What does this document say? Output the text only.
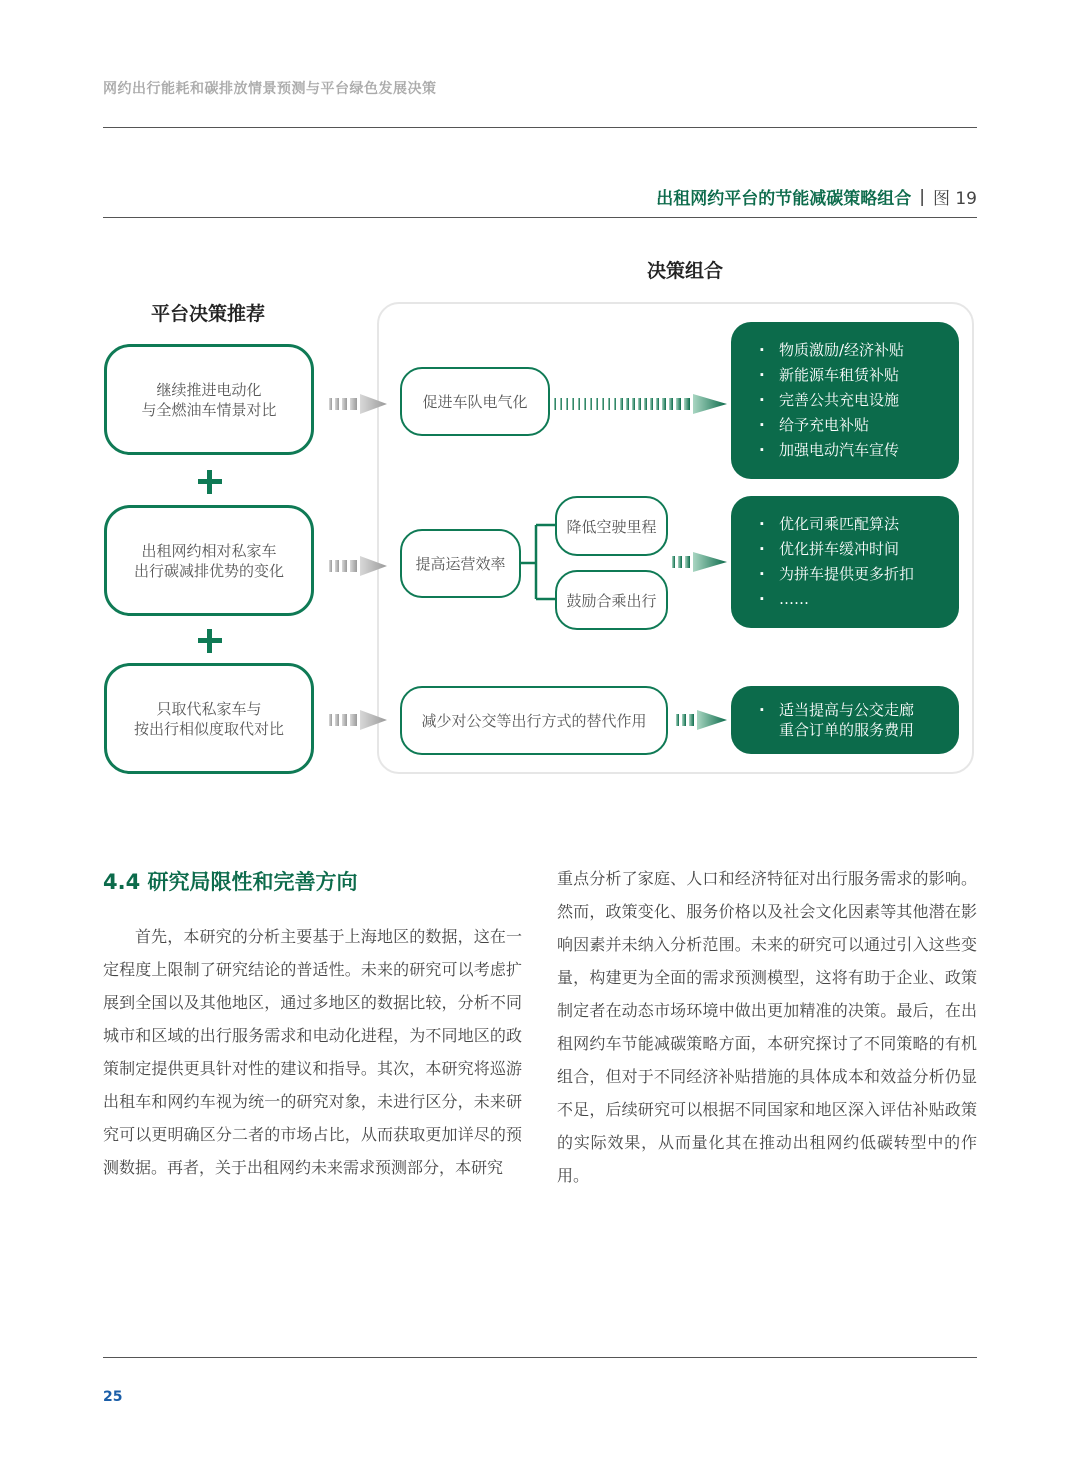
网约出行能耗和碳排放情景预测与平台绿色发展决策
出租网约平台的节能减碳策略组合 | 图 19
平台决策推荐
决策组合
继续推进电动化
与全燃油车情景对比
出租网约相对私家车
出行碳减排优势的变化
只取代私家车与
按出行相似度取代对比
促进车队电气化
提高运营效率
降低空驶里程
鼓励合乘出行
减少对公交等出行方式的替代作用
· 物质激励/经济补贴
· 新能源车租赁补贴
· 完善公共充电设施
· 给予充电补贴
· 加强电动汽车宣传
· 优化司乘匹配算法
· 优化拼车缓冲时间
· 为拼车提供更多折扣
· ……
· 适当提高与公交走廊
重合订单的服务费用
4.4 研究局限性和完善方向
首先，本研究的分析主要基于上海地区的数据，这在一定程度上限制了研究结论的普适性。未来的研究可以考虑扩展到全国以及其他地区，通过多地区的数据比较，分析不同城市和区域的出行服务需求和电动化进程，为不同地区的政策制定提供更具针对性的建议和指导。其次，本研究将巡游出租车和网约车视为统一的研究对象，未进行区分，未来研究可以更明确区分二者的市场占比，从而获取更加详尽的预测数据。再者，关于出租网约未来需求预测部分，本研究
重点分析了家庭、人口和经济特征对出行服务需求的影响。然而，政策变化、服务价格以及社会文化因素等其他潜在影响因素并未纳入分析范围。未来的研究可以通过引入这些变量，构建更为全面的需求预测模型，这将有助于企业、政策制定者在动态市场环境中做出更加精准的决策。最后，在出租网约车节能减碳策略方面，本研究探讨了不同策略的有机组合，但对于不同经济补贴措施的具体成本和效益分析仍显不足，后续研究可以根据不同国家和地区深入评估补贴政策的实际效果，从而量化其在推动出租网约低碳转型中的作用。
25
